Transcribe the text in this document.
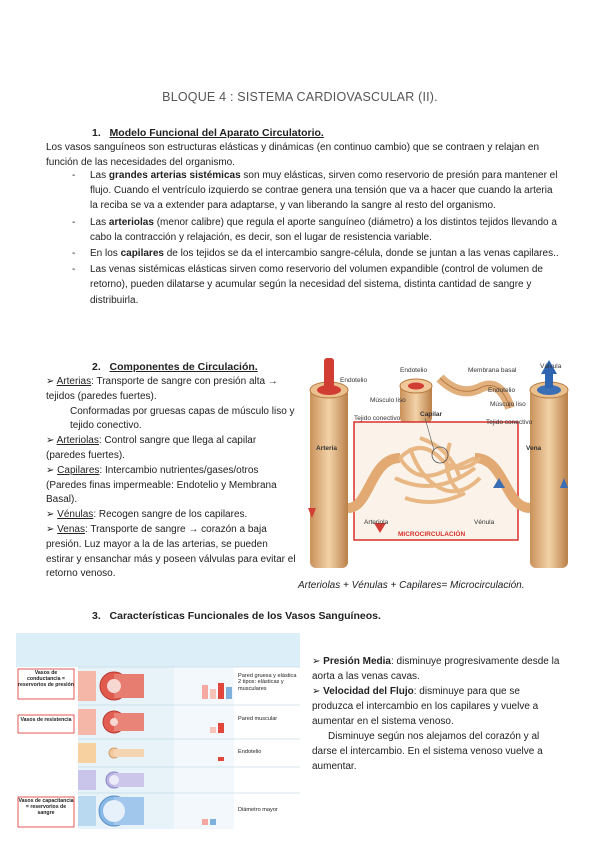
BLOQUE 4 : SISTEMA CARDIOVASCULAR (II).
1. Modelo Funcional del Aparato Circulatorio.
Los vasos sanguíneos son estructuras elásticas y dinámicas (en continuo cambio) que se contraen y relajan en función de las necesidades del organismo.
- Las grandes arterias sistémicas son muy elásticas, sirven como reservorio de presión para mantener el flujo. Cuando el ventrículo izquierdo se contrae genera una tensión que va a hacer que cuando la arteria la reciba se va a extender para adaptarse, y van liberando la sangre al resto del organismo.
- Las arteriolas (menor calibre) que regula el aporte sanguíneo (diámetro) a los distintos tejidos llevando a cabo la contracción y relajación, es decir, son el lugar de resistencia variable.
- En los capilares de los tejidos se da el intercambio sangre-célula, donde se juntan a las venas capilares..
- Las venas sistémicas elásticas sirven como reservorio del volumen expandible (control de volumen de retorno), pueden dilatarse y acumular según la necesidad del sistema, distinta cantidad de sangre y distribuirla.
2. Componentes de Circulación.
➢ Arterias: Transporte de sangre con presión alta → tejidos (paredes fuertes).
Conformadas por gruesas capas de músculo liso y tejido conectivo.
➢ Arteriolas: Control sangre que llega al capilar (paredes fuertes).
➢ Capilares: Intercambio nutrientes/gases/otros (Paredes finas impermeable: Endotelio y Membrana Basal).
➢ Vénulas: Recogen sangre de los capilares.
➢ Venas: Transporte de sangre → corazón a baja presión. Luz mayor a la de las arterias, se pueden estirar y ensanchar más y poseen válvulas para evitar el retorno venoso.
Endotelio
Endotelio	Membrana basal
Válvula
Endotelio
Músculo liso
Músculo liso
Tejido conectivo
Tejido conectivo
Capilar
Arteria	Vena
Arteriola	Vénula
MICROCIRCULACIÓN
Arteriolas + Vénulas + Capilares= Microcirculación.
3. Características Funcionales de los Vasos Sanguíneos.
Vasos de conductancia = reservorios de presión
Vasos de resistencia
Vasos de capacitancia = reservorios de sangre
Pared gruesa y elástica 2 tipos: elásticas y musculares
Pared muscular
Endotelio
Diámetro mayor
➢ Presión Media: disminuye progresivamente desde la aorta a las venas cavas.
➢ Velocidad del Flujo: disminuye para que se produzca el intercambio en los capilares y vuelve a aumentar en el sistema venoso.
Disminuye según nos alejamos del corazón y al darse el intercambio. En el sistema venoso vuelve a aumentar.
